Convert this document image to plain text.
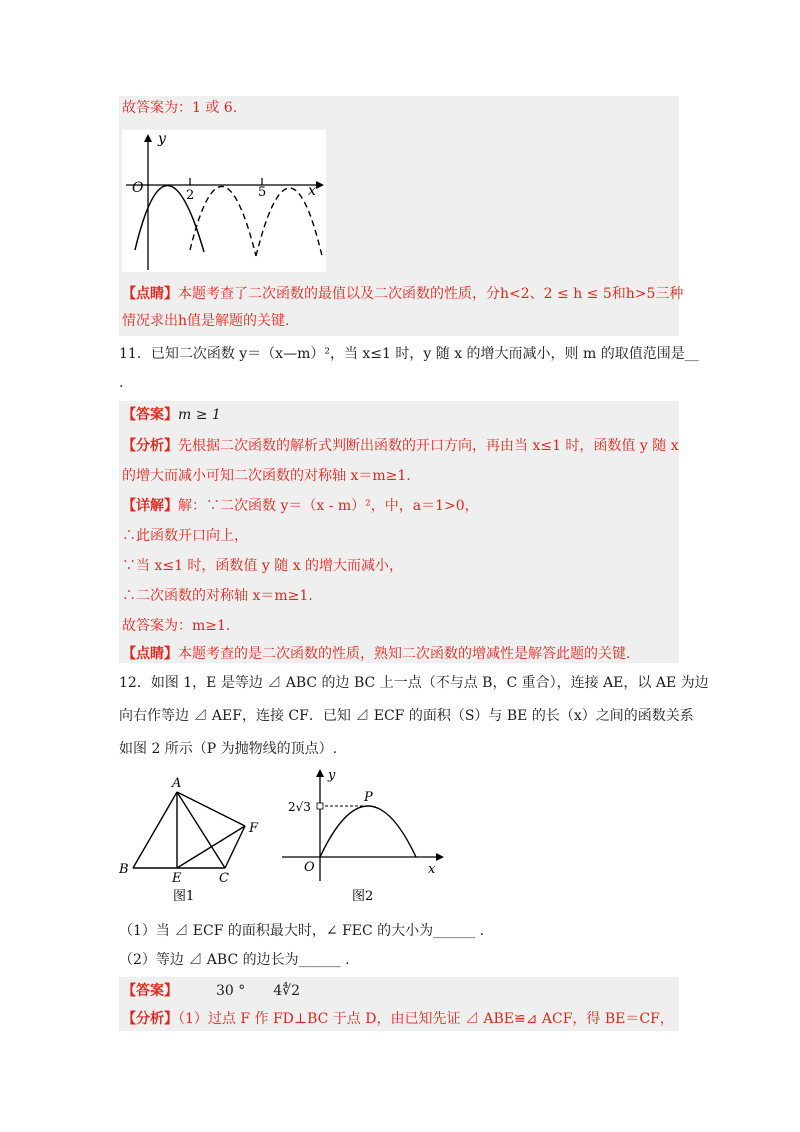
故答案为：1 或 6.
y
x
O	2	5
【点睛】本题考查了二次函数的最值以及二次函数的性质，分h<2、2 ≤ h ≤ 5和h>5三种
情况求出h值是解题的关键.
11．已知二次函数 y＝（x—m）²，当 x≤1 时，y 随 x 的增大而减小，则 m 的取值范围是__
.
【答案】m ≥ 1
【分析】先根据二次函数的解析式判断出函数的开口方向，再由当 x≤1 时，函数值 y 随 x
的增大而减小可知二次函数的对称轴 x＝m≥1.
【详解】解：∵二次函数 y＝（x - m）²，中，a＝1>0，
∴此函数开口向上，
∵当 x≤1 时，函数值 y 随 x 的增大而减小，
∴二次函数的对称轴 x＝m≥1.
故答案为：m≥1.
【点睛】本题考查的是二次函数的性质，熟知二次函数的增减性是解答此题的关键.
12．如图 1，E 是等边 ⊿ ABC 的边 BC 上一点（不与点 B，C 重合），连接 AE，以 AE 为边
向右作等边 ⊿ AEF，连接 CF．已知 ⊿ ECF 的面积（S）与 BE 的长（x）之间的函数关系
如图 2 所示（P 为抛物线的顶点）.
A
B
C
E
F
图1
y
x
O
P
2√3
图2
（1）当 ⊿ ECF 的面积最大时，∠ FEC 的大小为______ .
（2）等边 ⊿ ABC 的边长为______ .
【答案】	30 ° 4∜2
【分析】（1）过点 F 作 FD⊥BC 于点 D，由已知先证 ⊿ ABE≌⊿ ACF，得 BE＝CF，
